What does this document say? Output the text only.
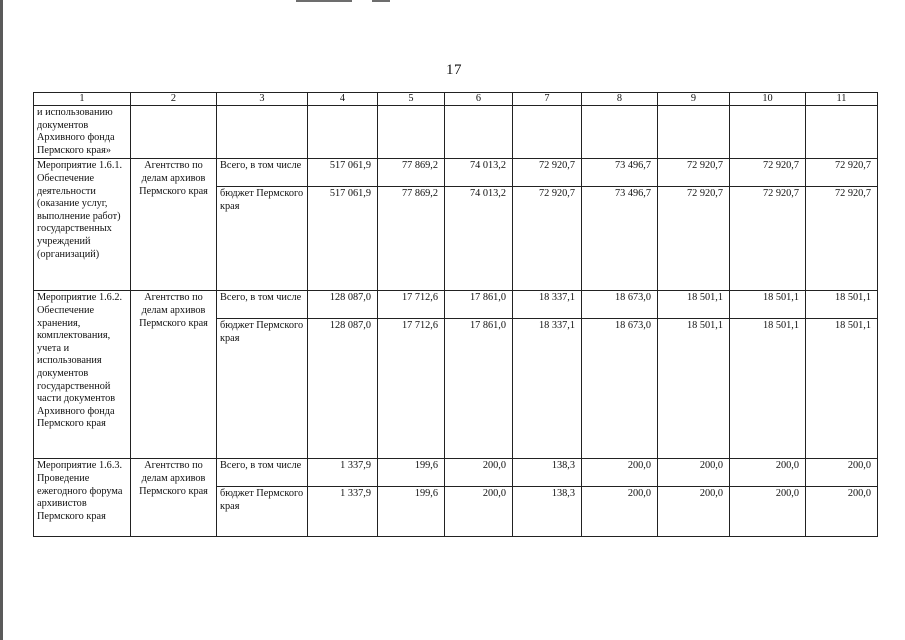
17
1	2	3	4	5	6	7	8	9	10	11
и использованию документов Архивного фонда Пермского края»										
Мероприятие 1.6.1. Обеспечение деятельности (оказание услуг, выполнение работ) государственных учреждений (организаций)	Агентство по делам архивов Пермского края	Всего, в том числе	517 061,9	77 869,2	74 013,2	72 920,7	73 496,7	72 920,7	72 920,7	72 920,7
		бюджет Пермского края	517 061,9	77 869,2	74 013,2	72 920,7	73 496,7	72 920,7	72 920,7	72 920,7
Мероприятие 1.6.2. Обеспечение хранения, комплектования, учета и использования документов государственной части документов Архивного фонда Пермского края	Агентство по делам архивов Пермского края	Всего, в том числе	128 087,0	17 712,6	17 861,0	18 337,1	18 673,0	18 501,1	18 501,1	18 501,1
		бюджет Пермского края	128 087,0	17 712,6	17 861,0	18 337,1	18 673,0	18 501,1	18 501,1	18 501,1
Мероприятие 1.6.3. Проведение ежегодного форума архивистов Пермского края	Агентство по делам архивов Пермского края	Всего, в том числе	1 337,9	199,6	200,0	138,3	200,0	200,0	200,0	200,0
		бюджет Пермского края	1 337,9	199,6	200,0	138,3	200,0	200,0	200,0	200,0
